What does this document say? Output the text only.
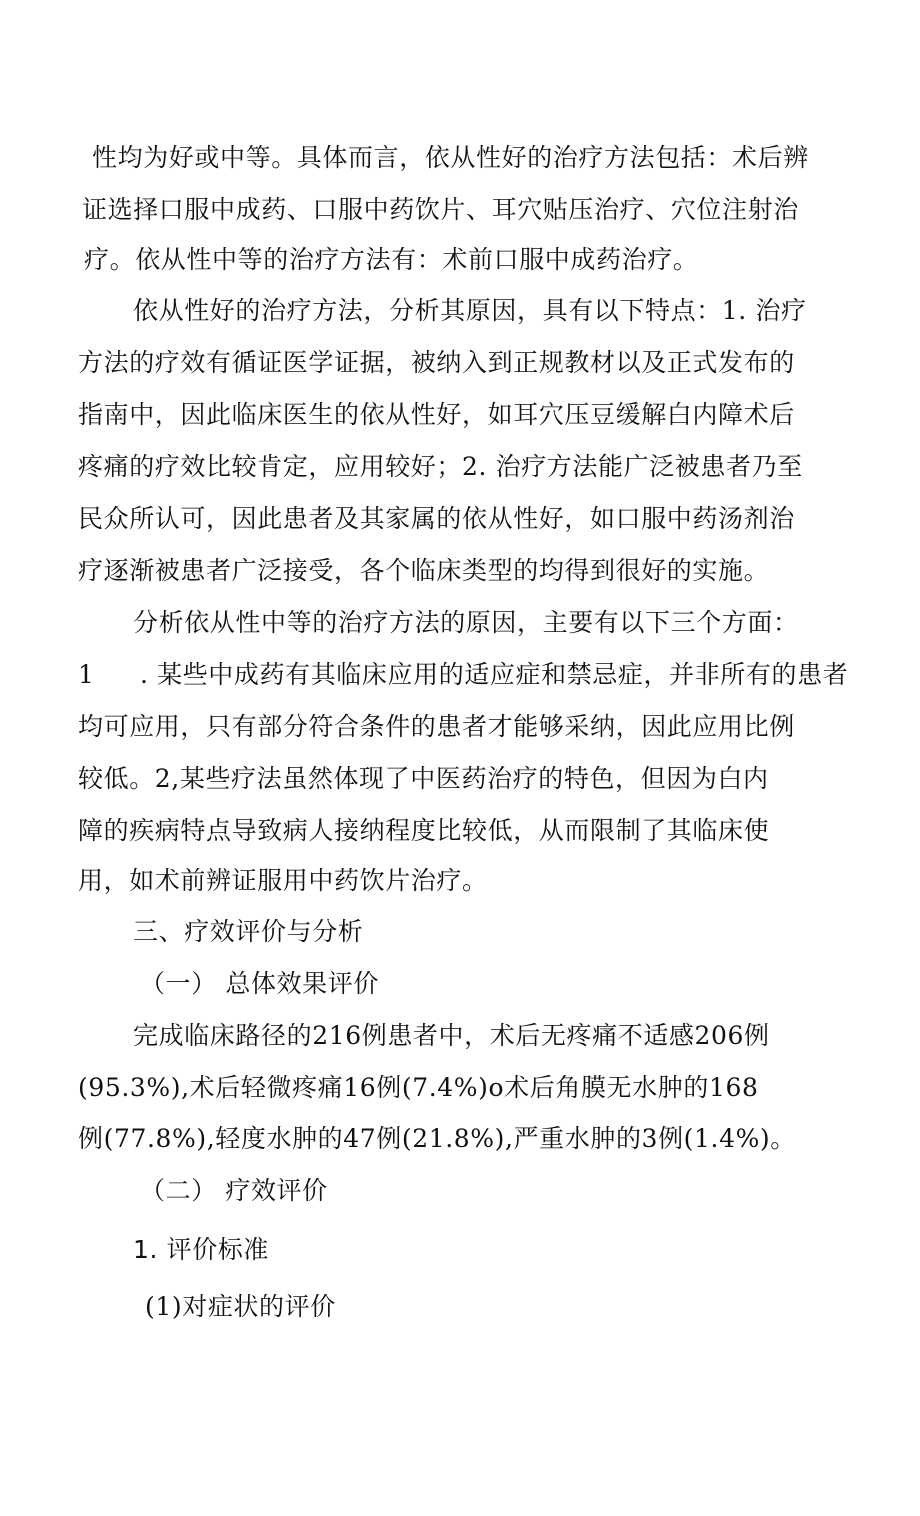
性均为好或中等。具体而言，依从性好的治疗方法包括：术后辨

证选择口服中成药、口服中药饮片、耳穴贴压治疗、穴位注射治

疗。依从性中等的治疗方法有：术前口服中成药治疗。

依从性好的治疗方法，分析其原因，具有以下特点：1. 治疗

方法的疗效有循证医学证据，被纳入到正规教材以及正式发布的

指南中，因此临床医生的依从性好，如耳穴压豆缓解白内障术后

疼痛的疗效比较肯定，应用较好；2. 治疗方法能广泛被患者乃至

民众所认可，因此患者及其家属的依从性好，如口服中药汤剂治

疗逐渐被患者广泛接受，各个临床类型的均得到很好的实施。

分析依从性中等的治疗方法的原因，主要有以下三个方面：

1 . 某些中成药有其临床应用的适应症和禁忌症，并非所有的患者

均可应用，只有部分符合条件的患者才能够采纳，因此应用比例

较低。2,某些疗法虽然体现了中医药治疗的特色，但因为白内

障的疾病特点导致病人接纳程度比较低，从而限制了其临床使

用，如术前辨证服用中药饮片治疗。

三、疗效评价与分析

（一） 总体效果评价

完成临床路径的216例患者中，术后无疼痛不适感206例

(95.3%),术后轻微疼痛16例(7.4%)o术后角膜无水肿的168

例(77.8%),轻度水肿的47例(21.8%),严重水肿的3例(1.4%)。

（二） 疗效评价

1. 评价标准

(1)对症状的评价
